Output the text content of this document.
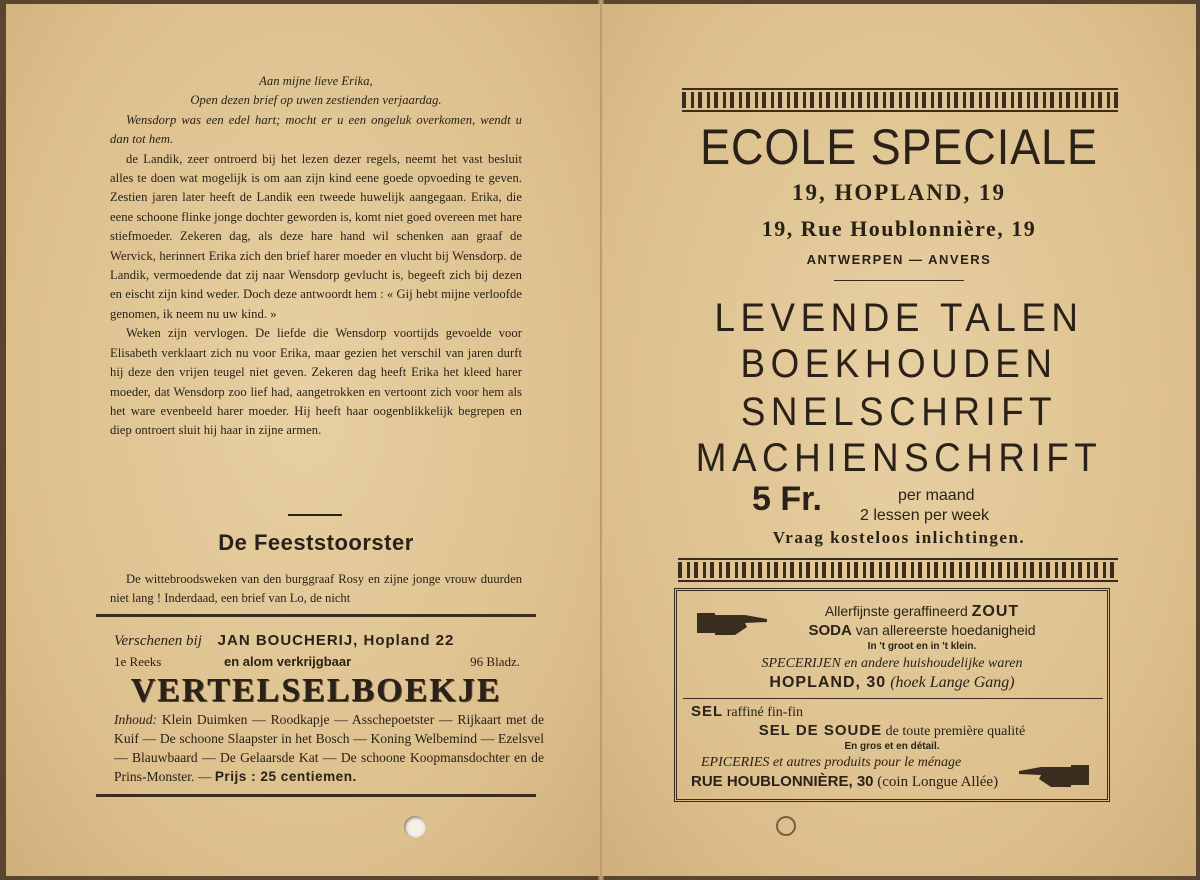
Aan mijne lieve Erika,

Open dezen brief op uwen zestienden verjaardag.

Wensdorp was een edel hart; mocht er u een ongeluk overkomen, wendt u dan tot hem.

de Landik, zeer ontroerd bij het lezen dezer regels, neemt het vast besluit alles te doen wat mogelijk is om aan zijn kind eene goede opvoeding te geven. Zestien jaren later heeft de Landik een tweede huwelijk aangegaan. Erika, die eene schoone flinke jonge dochter geworden is, komt niet goed overeen met hare stiefmoeder. Zekeren dag, als deze hare hand wil schenken aan graaf de Wervick, herinnert Erika zich den brief harer moeder en vlucht bij Wensdorp. de Landik, vermoedende dat zij naar Wensdorp gevlucht is, begeeft zich bij dezen en eischt zijn kind weder. Doch deze antwoordt hem : « Gij hebt mijne verloofde genomen, ik neem nu uw kind. »

Weken zijn vervlogen. De liefde die Wensdorp voortijds gevoelde voor Elisabeth verklaart zich nu voor Erika, maar gezien het verschil van jaren durft hij deze den vrijen teugel niet geven. Zekeren dag heeft Erika het kleed harer moeder, dat Wensdorp zoo lief had, aangetrokken en vertoont zich voor hem als het ware evenbeeld harer moeder. Hij heeft haar oogenblikkelijk begrepen en diep ontroert sluit hij haar in zijne armen.

De Feeststoorster
De wittebroodsweken van den burggraaf Rosy en zijne jonge vrouw duurden niet lang ! Inderdaad, een brief van Lo, de nicht
Verschenen bij JAN BOUCHERIJ, Hopland 22
1e Reeks	en alom verkrijgbaar	96 Bladz.
VERTELSELBOEKJE
Inhoud: Klein Duimken — Roodkapje — Asschepoetster — Rijkaart met de Kuif — De schoone Slaapster in het Bosch — Koning Welbemind — Ezelsvel — Blauwbaard — De Gelaarsde Kat — De schoone Koopmansdochter en de Prins-Monster. — Prijs : 25 centiemen.
ECOLE SPECIALE
19, HOPLAND, 19
19, Rue Houblonnière, 19
ANTWERPEN — ANVERS
LEVENDE TALEN
BOEKHOUDEN
SNELSCHRIFT
MACHIENSCHRIFT
5 Fr.	per maand
2 lessen per week
Vraag kosteloos inlichtingen.
Allerfijnste geraffineerd ZOUT
SODA van allereerste hoedanigheid
In 't groot en in 't klein.
SPECERIJEN en andere huishoudelijke waren
HOPLAND, 30 (hoek Lange Gang)
SEL raffiné fin-fin
SEL DE SOUDE de toute première qualité
En gros et en détail.
EPICERIES et autres produits pour le ménage
RUE HOUBLONNIÈRE, 30 (coin Longue Allée)
